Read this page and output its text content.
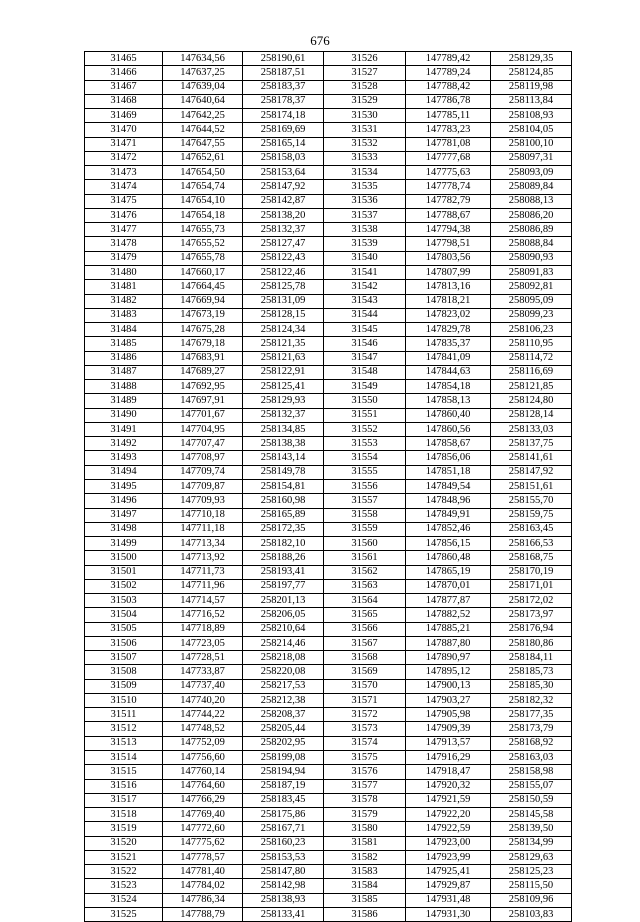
676
31465	147634,56	258190,61	31526	147789,42	258129,35
31466	147637,25	258187,51	31527	147789,24	258124,85
31467	147639,04	258183,37	31528	147788,42	258119,98
31468	147640,64	258178,37	31529	147786,78	258113,84
31469	147642,25	258174,18	31530	147785,11	258108,93
31470	147644,52	258169,69	31531	147783,23	258104,05
31471	147647,55	258165,14	31532	147781,08	258100,10
31472	147652,61	258158,03	31533	147777,68	258097,31
31473	147654,50	258153,64	31534	147775,63	258093,09
31474	147654,74	258147,92	31535	147778,74	258089,84
31475	147654,10	258142,87	31536	147782,79	258088,13
31476	147654,18	258138,20	31537	147788,67	258086,20
31477	147655,73	258132,37	31538	147794,38	258086,89
31478	147655,52	258127,47	31539	147798,51	258088,84
31479	147655,78	258122,43	31540	147803,56	258090,93
31480	147660,17	258122,46	31541	147807,99	258091,83
31481	147664,45	258125,78	31542	147813,16	258092,81
31482	147669,94	258131,09	31543	147818,21	258095,09
31483	147673,19	258128,15	31544	147823,02	258099,23
31484	147675,28	258124,34	31545	147829,78	258106,23
31485	147679,18	258121,35	31546	147835,37	258110,95
31486	147683,91	258121,63	31547	147841,09	258114,72
31487	147689,27	258122,91	31548	147844,63	258116,69
31488	147692,95	258125,41	31549	147854,18	258121,85
31489	147697,91	258129,93	31550	147858,13	258124,80
31490	147701,67	258132,37	31551	147860,40	258128,14
31491	147704,95	258134,85	31552	147860,56	258133,03
31492	147707,47	258138,38	31553	147858,67	258137,75
31493	147708,97	258143,14	31554	147856,06	258141,61
31494	147709,74	258149,78	31555	147851,18	258147,92
31495	147709,87	258154,81	31556	147849,54	258151,61
31496	147709,93	258160,98	31557	147848,96	258155,70
31497	147710,18	258165,89	31558	147849,91	258159,75
31498	147711,18	258172,35	31559	147852,46	258163,45
31499	147713,34	258182,10	31560	147856,15	258166,53
31500	147713,92	258188,26	31561	147860,48	258168,75
31501	147711,73	258193,41	31562	147865,19	258170,19
31502	147711,96	258197,77	31563	147870,01	258171,01
31503	147714,57	258201,13	31564	147877,87	258172,02
31504	147716,52	258206,05	31565	147882,52	258173,97
31505	147718,89	258210,64	31566	147885,21	258176,94
31506	147723,05	258214,46	31567	147887,80	258180,86
31507	147728,51	258218,08	31568	147890,97	258184,11
31508	147733,87	258220,08	31569	147895,12	258185,73
31509	147737,40	258217,53	31570	147900,13	258185,30
31510	147740,20	258212,38	31571	147903,27	258182,32
31511	147744,22	258208,37	31572	147905,98	258177,35
31512	147748,52	258205,44	31573	147909,39	258173,79
31513	147752,09	258202,95	31574	147913,57	258168,92
31514	147756,60	258199,08	31575	147916,29	258163,03
31515	147760,14	258194,94	31576	147918,47	258158,98
31516	147764,60	258187,19	31577	147920,32	258155,07
31517	147766,29	258183,45	31578	147921,59	258150,59
31518	147769,40	258175,86	31579	147922,20	258145,58
31519	147772,60	258167,71	31580	147922,59	258139,50
31520	147775,62	258160,23	31581	147923,00	258134,99
31521	147778,57	258153,53	31582	147923,99	258129,63
31522	147781,40	258147,80	31583	147925,41	258125,23
31523	147784,02	258142,98	31584	147929,87	258115,50
31524	147786,34	258138,93	31585	147931,48	258109,96
31525	147788,79	258133,41	31586	147931,30	258103,83
